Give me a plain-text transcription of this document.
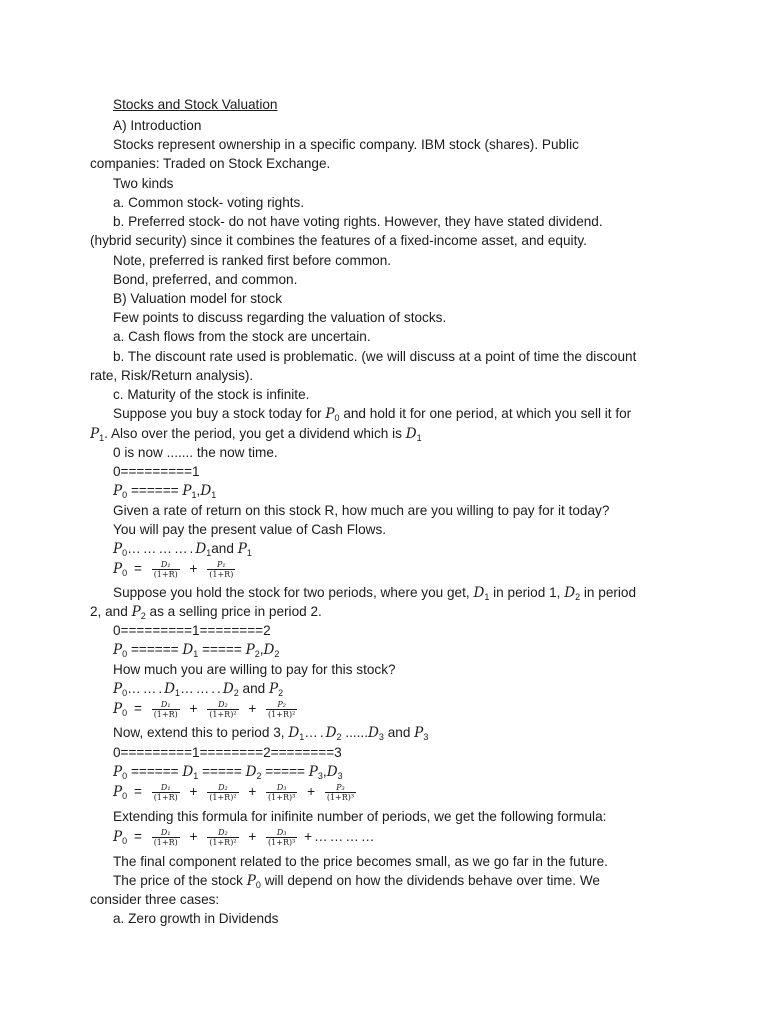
Stocks and Stock Valuation
A) Introduction
Stocks represent ownership in a specific company. IBM stock (shares). Public
companies: Traded on Stock Exchange.
Two kinds
a. Common stock- voting rights.
b. Preferred stock- do not have voting rights. However, they have stated dividend.
(hybrid security) since it combines the features of a fixed-income asset, and equity.
Note, preferred is ranked first before common.
Bond, preferred, and common.
B) Valuation model for stock
Few points to discuss regarding the valuation of stocks.
a. Cash flows from the stock are uncertain.
b. The discount rate used is problematic. (we will discuss at a point of time the discount
rate, Risk/Return analysis).
c. Maturity of the stock is infinite.
Suppose you buy a stock today for $P_0$ and hold it for one period, at which you sell it for
$P_1$. Also over the period, you get a dividend which is $D_1$
0 is now ....... the now time.
0=========1
$P_0$ ====== $P_1,D_1$
Given a rate of return on this stock R, how much are you willing to pay for it today?
You will pay the present value of Cash Flows.
$P_0\dots\dots\dots\dots.D_1and$ $P_1$
$P_0 = \frac{\text{D₁}}{(1+R)} + \frac{\text{P₁}}{(1+R)}$
Suppose you hold the stock for two periods, where you get, $D_1$ in period 1, $D_2$ in period
2, and $P_2$ as a selling price in period 2.
0=========1========2
$P_0$ ====== $D_1$ ===== $P_2,D_2$
How much you are willing to pay for this stock?
$P_0\dots\dots.D_1\dots\dots..D_2$ and $P_2$
$P_0 = \frac{\text{D₁}}{(1+R)} + \frac{\text{D₂}}{\text{(1+R)²}} + \frac{\text{P₂}}{\text{(1+R)²}}$
Now, extend this to period 3, $D_1\dots.D_2$ $......D_3$ and $P_3$
0=========1========2========3
$P_0$ ====== $D_1$ ===== $D_2$ ===== $P_3,D_3$
$P_0 = \frac{\text{D₁}}{(1+R)} + \frac{\text{D₂}}{\text{(1+R)²}} + \frac{\text{D₃}}{\text{(1+R)³}} + \frac{\text{P₃}}{\text{(1+R)³}}$
Extending this formula for inifinite number of periods, we get the following formula:
$P_0 = \frac{\text{D₁}}{(1+R)} + \frac{\text{D₂}}{\text{(1+R)²}} + \frac{\text{D₃}}{\text{(1+R)³}}$ +…………
The final component related to the price becomes small, as we go far in the future.
The price of the stock $P_0$ will depend on how the dividends behave over time. We
consider three cases:
a. Zero growth in Dividends
